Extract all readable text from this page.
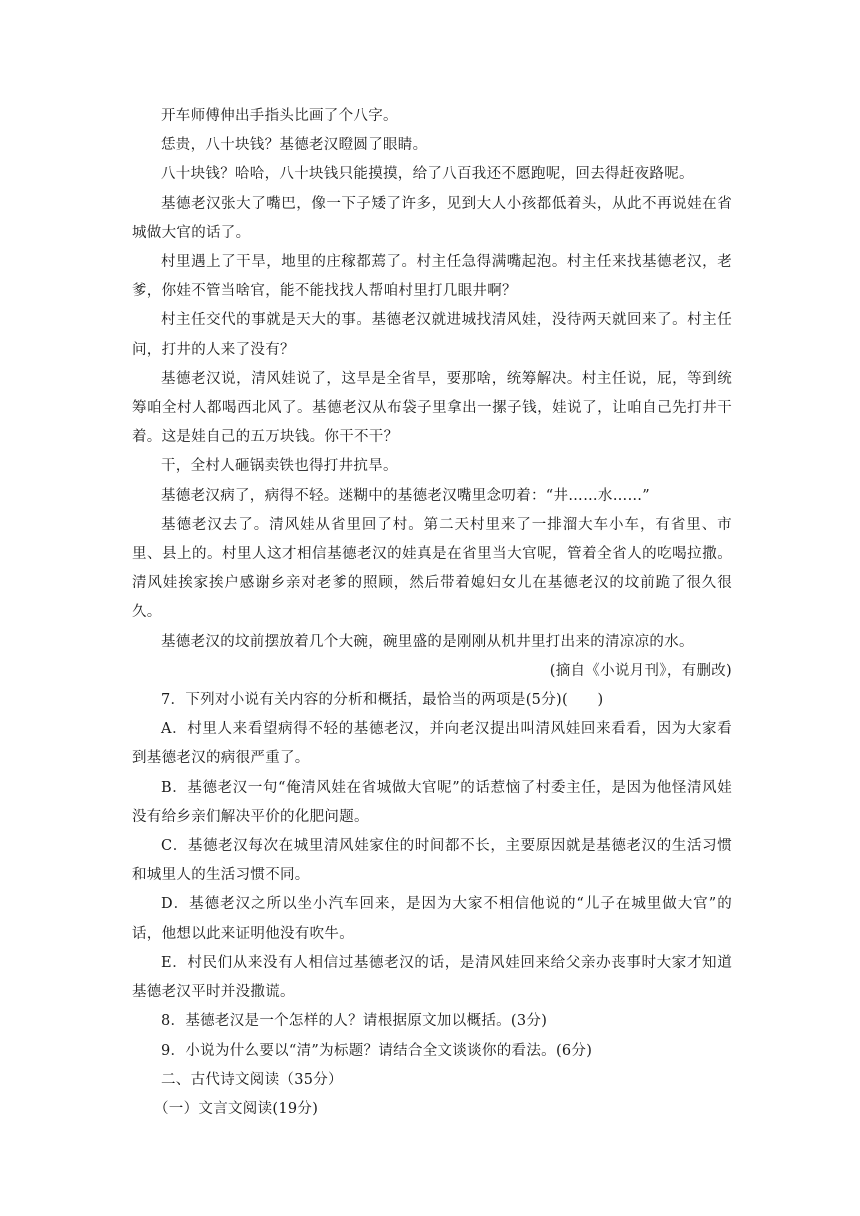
开车师傅伸出手指头比画了个八字。

恁贵，八十块钱？基德老汉瞪圆了眼睛。

八十块钱？哈哈，八十块钱只能摸摸，给了八百我还不愿跑呢，回去得赶夜路呢。

基德老汉张大了嘴巴，像一下子矮了许多，见到大人小孩都低着头，从此不再说娃在省城做大官的话了。

村里遇上了干旱，地里的庄稼都蔫了。村主任急得满嘴起泡。村主任来找基德老汉，老爹，你娃不管当啥官，能不能找找人帮咱村里打几眼井啊？

村主任交代的事就是天大的事。基德老汉就进城找清风娃，没待两天就回来了。村主任问，打井的人来了没有？

基德老汉说，清风娃说了，这旱是全省旱，要那啥，统筹解决。村主任说，屁，等到统筹咱全村人都喝西北风了。基德老汉从布袋子里拿出一摞子钱，娃说了，让咱自己先打井干着。这是娃自己的五万块钱。你干不干？

干，全村人砸锅卖铁也得打井抗旱。

基德老汉病了，病得不轻。迷糊中的基德老汉嘴里念叨着：“井……水……”

基德老汉去了。清风娃从省里回了村。第二天村里来了一排溜大车小车，有省里、市里、县上的。村里人这才相信基德老汉的娃真是在省里当大官呢，管着全省人的吃喝拉撒。清风娃挨家挨户感谢乡亲对老爹的照顾，然后带着媳妇女儿在基德老汉的坟前跪了很久很久。

基德老汉的坟前摆放着几个大碗，碗里盛的是刚刚从机井里打出来的清凉凉的水。

(摘自《小说月刊》，有删改)

7．下列对小说有关内容的分析和概括，最恰当的两项是(5分)(　　)

A．村里人来看望病得不轻的基德老汉，并向老汉提出叫清风娃回来看看，因为大家看到基德老汉的病很严重了。

B．基德老汉一句“俺清风娃在省城做大官呢”的话惹恼了村委主任，是因为他怪清风娃没有给乡亲们解决平价的化肥问题。

C．基德老汉每次在城里清风娃家住的时间都不长，主要原因就是基德老汉的生活习惯和城里人的生活习惯不同。

D．基德老汉之所以坐小汽车回来，是因为大家不相信他说的“儿子在城里做大官”的话，他想以此来证明他没有吹牛。

E．村民们从来没有人相信过基德老汉的话，是清风娃回来给父亲办丧事时大家才知道基德老汉平时并没撒谎。

8．基德老汉是一个怎样的人？请根据原文加以概括。(3分)

9．小说为什么要以“清”为标题？请结合全文谈谈你的看法。(6分)

二、古代诗文阅读（35分）

（一）文言文阅读(19分)
